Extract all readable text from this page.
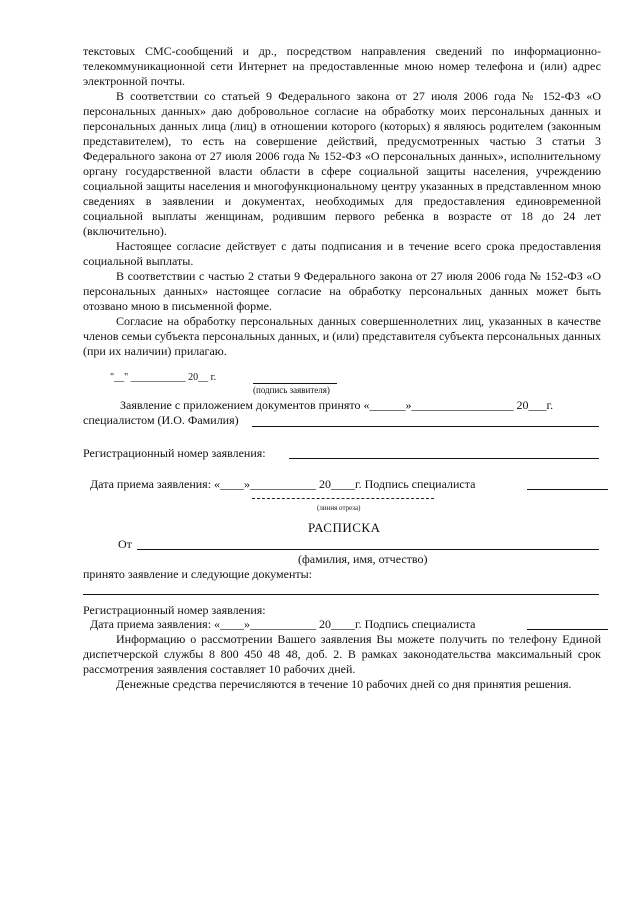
текстовых СМС-сообщений и др., посредством направления сведений по информационно-телекоммуникационной сети Интернет на предоставленные мною номер телефона и (или) адрес электронной почты.

В соответствии со статьей 9 Федерального закона от 27 июля 2006 года № 152-ФЗ «О персональных данных» даю добровольное согласие на обработку моих персональных данных и персональных данных лица (лиц) в отношении которого (которых) я являюсь родителем (законным представителем), то есть на совершение действий, предусмотренных частью 3 статьи 3 Федерального закона от 27 июля 2006 года № 152-ФЗ «О персональных данных», исполнительному органу государственной власти области в сфере социальной защиты населения, учреждению социальной защиты населения и многофункциональному центру указанных в представленном мною сведениях в заявлении и документах, необходимых для предоставления единовременной социальной выплаты женщинам, родившим первого ребенка в возрасте от 18 до 24 лет (включительно).

Настоящее согласие действует с даты подписания и в течение всего срока предоставления социальной выплаты.

В соответствии с частью 2 статьи 9 Федерального закона от 27 июля 2006 года № 152-ФЗ «О персональных данных» настоящее согласие на обработку персональных данных может быть отозвано мною в письменной форме.

Согласие на обработку персональных данных совершеннолетних лиц, указанных в качестве членов семьи субъекта персональных данных, и (или) представителя субъекта персональных данных (при их наличии) прилагаю.

"__" ___________ 20__ г.
(подпись заявителя)
Заявление с приложением документов принято «______»_________________ 20___г.
специалистом (И.О. Фамилия)
Регистрационный номер заявления:
Дата приема заявления: «____»___________ 20____г. Подпись специалиста
(линия отреза)
РАСПИСКА
От
(фамилия, имя, отчество)
принято заявление и следующие документы:
Регистрационный номер заявления:
Дата приема заявления: «____»___________ 20____г. Подпись специалиста

Информацию о рассмотрении Вашего заявления Вы можете получить по телефону Единой диспетчерской службы 8 800 450 48 48, доб. 2. В рамках законодательства максимальный срок рассмотрения заявления составляет 10 рабочих дней.

Денежные средства перечисляются в течение 10 рабочих дней со дня принятия решения.
